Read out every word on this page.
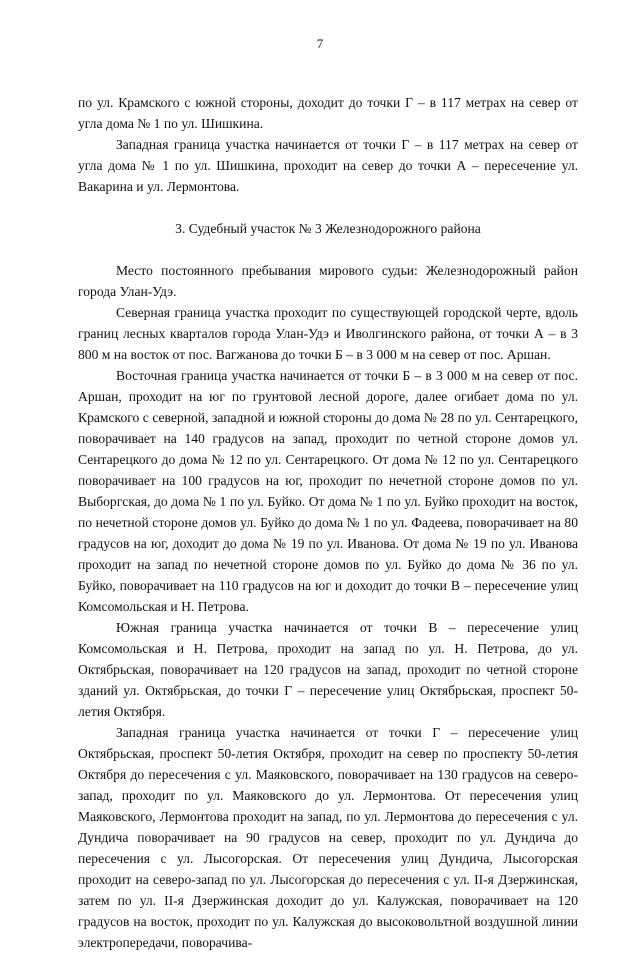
7

по ул. Крамского с южной стороны, доходит до точки Г – в 117 метрах на север от угла дома № 1 по ул. Шишкина.

Западная граница участка начинается от точки Г – в 117 метрах на север от угла дома № 1 по ул. Шишкина, проходит на север до точки А – пересечение ул. Вакарина и ул. Лермонтова.

3. Судебный участок № 3 Железнодорожного района

Место постоянного пребывания мирового судьи: Железнодорожный район города Улан-Удэ.

Северная граница участка проходит по существующей городской черте, вдоль границ лесных кварталов города Улан-Удэ и Иволгинского района, от точки А – в 3 800 м на восток от пос. Вагжанова до точки Б – в 3 000 м на север от пос. Аршан.

Восточная граница участка начинается от точки Б – в 3 000 м на север от пос. Аршан, проходит на юг по грунтовой лесной дороге, далее огибает дома по ул. Крамского с северной, западной и южной стороны до дома № 28 по ул. Сентарецкого, поворачивает на 140 градусов на запад, проходит по четной стороне домов ул. Сентарецкого до дома № 12 по ул. Сентарецкого. От дома № 12 по ул. Сентарецкого поворачивает на 100 градусов на юг, проходит по нечетной стороне домов по ул. Выборгская, до дома № 1 по ул. Буйко. От дома № 1 по ул. Буйко проходит на восток, по нечетной стороне домов ул. Буйко до дома № 1 по ул. Фадеева, поворачивает на 80 градусов на юг, доходит до дома № 19 по ул. Иванова. От дома № 19 по ул. Иванова проходит на запад по нечетной стороне домов по ул. Буйко до дома № 36 по ул. Буйко, поворачивает на 110 градусов на юг и доходит до точки В – пересечение улиц Комсомольская и Н. Петрова.

Южная граница участка начинается от точки В – пересечение улиц Комсомольская и Н. Петрова, проходит на запад по ул. Н. Петрова, до ул. Октябрьская, поворачивает на 120 градусов на запад, проходит по четной стороне зданий ул. Октябрьская, до точки Г – пересечение улиц Октябрьская, проспект 50-летия Октября.

Западная граница участка начинается от точки Г – пересечение улиц Октябрьская, проспект 50-летия Октября, проходит на север по проспекту 50-летия Октября до пересечения с ул. Маяковского, поворачивает на 130 градусов на северо-запад, проходит по ул. Маяковского до ул. Лермонтова. От пересечения улиц Маяковского, Лермонтова проходит на запад, по ул. Лермонтова до пересечения с ул. Дундича поворачивает на 90 градусов на север, проходит по ул. Дундича до пересечения с ул. Лысогорская. От пересечения улиц Дундича, Лысогорская проходит на северо-запад по ул. Лысогорская до пересечения с ул. II-я Дзержинская, затем по ул. II-я Дзержинская доходит до ул. Калужская, поворачивает на 120 градусов на восток, проходит по ул. Калужская до высоковольтной воздушной линии электропередачи, поворачива-
